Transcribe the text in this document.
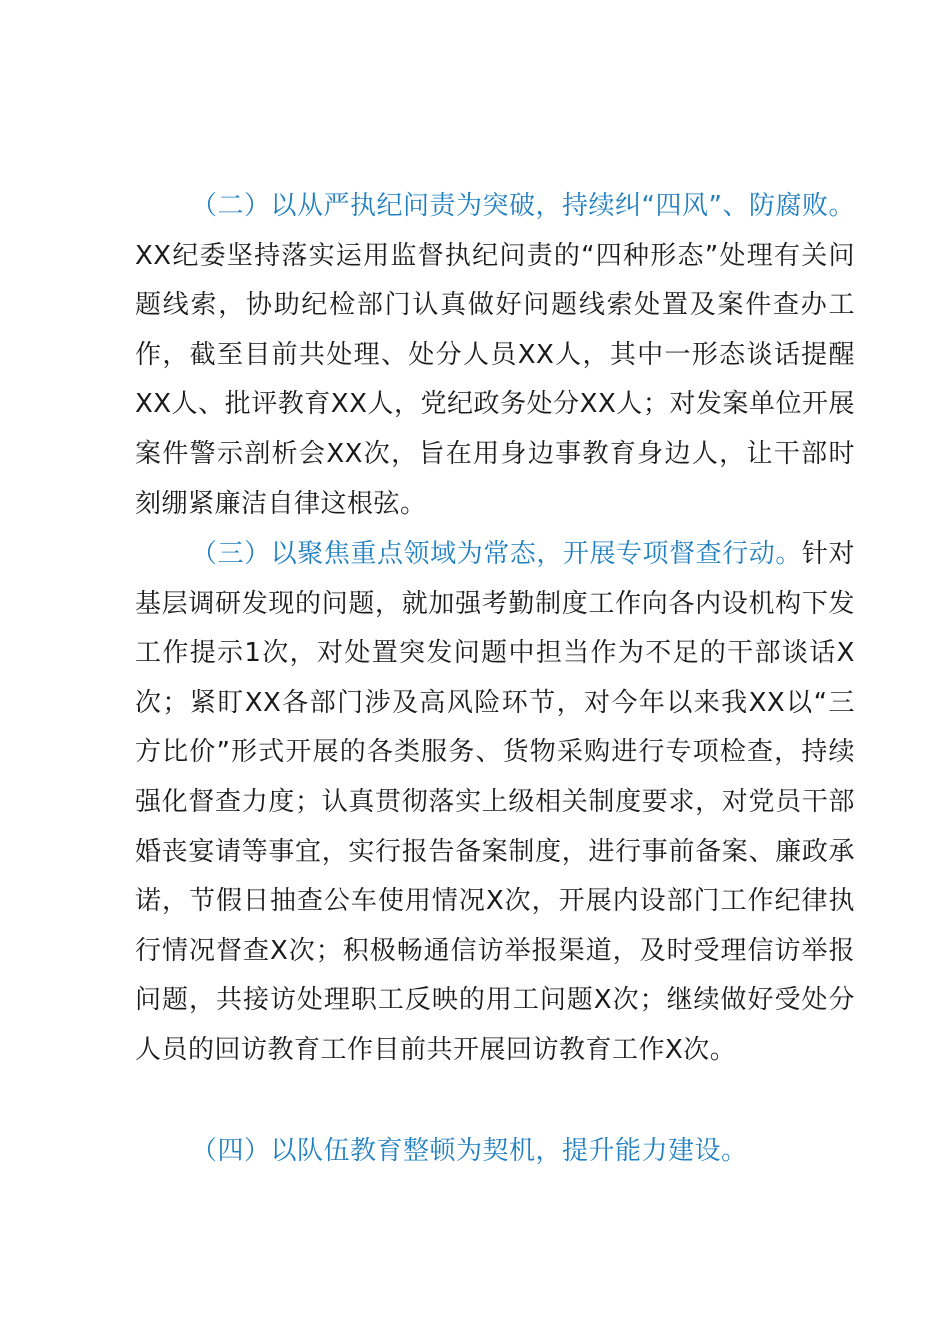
（二）以从严执纪问责为突破，持续纠“四风”、防腐败。XX纪委坚持落实运用监督执纪问责的“四种形态”处理有关问题线索，协助纪检部门认真做好问题线索处置及案件查办工作，截至目前共处理、处分人员XX人，其中一形态谈话提醒XX人、批评教育XX人，党纪政务处分XX人；对发案单位开展案件警示剖析会XX次，旨在用身边事教育身边人，让干部时刻绷紧廉洁自律这根弦。

（三）以聚焦重点领域为常态，开展专项督查行动。针对基层调研发现的问题，就加强考勤制度工作向各内设机构下发工作提示1次，对处置突发问题中担当作为不足的干部谈话X次；紧盯XX各部门涉及高风险环节，对今年以来我XX以“三方比价”形式开展的各类服务、货物采购进行专项检查，持续强化督查力度；认真贯彻落实上级相关制度要求，对党员干部婚丧宴请等事宜，实行报告备案制度，进行事前备案、廉政承诺，节假日抽查公车使用情况X次，开展内设部门工作纪律执行情况督查X次；积极畅通信访举报渠道，及时受理信访举报问题，共接访处理职工反映的用工问题X次；继续做好受处分人员的回访教育工作目前共开展回访教育工作X次。

（四）以队伍教育整顿为契机，提升能力建设。
